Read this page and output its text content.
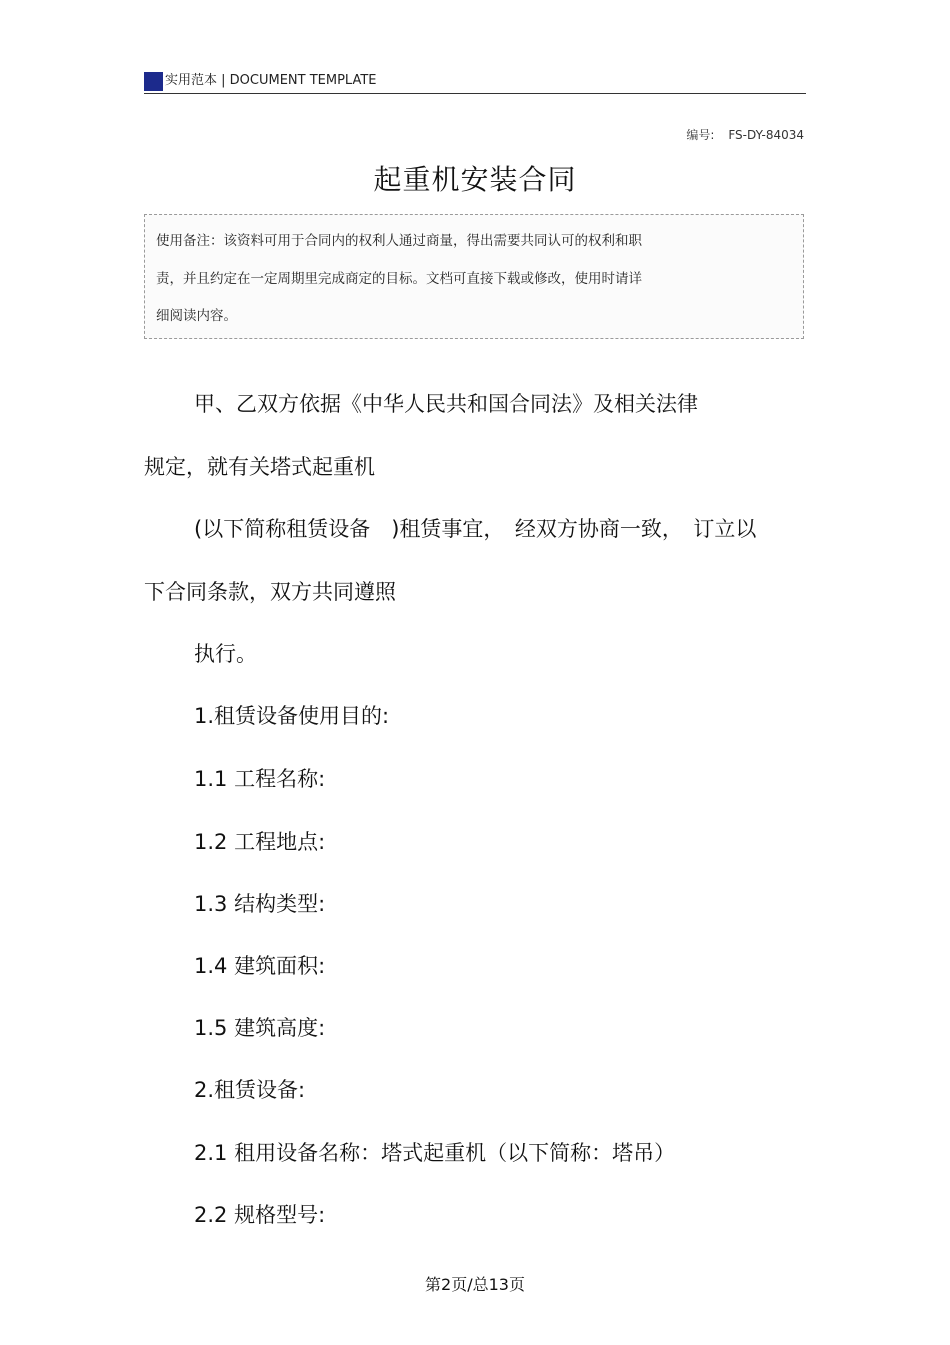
实用范本 | DOCUMENT TEMPLATE
编号: FS-DY-84034
起重机安装合同
使用备注：该资料可用于合同内的权利人通过商量，得出需要共同认可的权利和职
责，并且约定在一定周期里完成商定的目标。文档可直接下载或修改，使用时请详
细阅读内容。
甲、乙双方依据《中华人民共和国合同法》及相关法律
规定，就有关塔式起重机
(以下简称租赁设备　)租赁事宜，　经双方协商一致，　订立以
下合同条款，双方共同遵照
执行。
1.租赁设备使用目的:
1.1 工程名称:
1.2 工程地点:
1.3 结构类型:
1.4 建筑面积:
1.5 建筑高度:
2.租赁设备:
2.1 租用设备名称：塔式起重机（以下简称：塔吊）
2.2 规格型号:
第2页/总13页
